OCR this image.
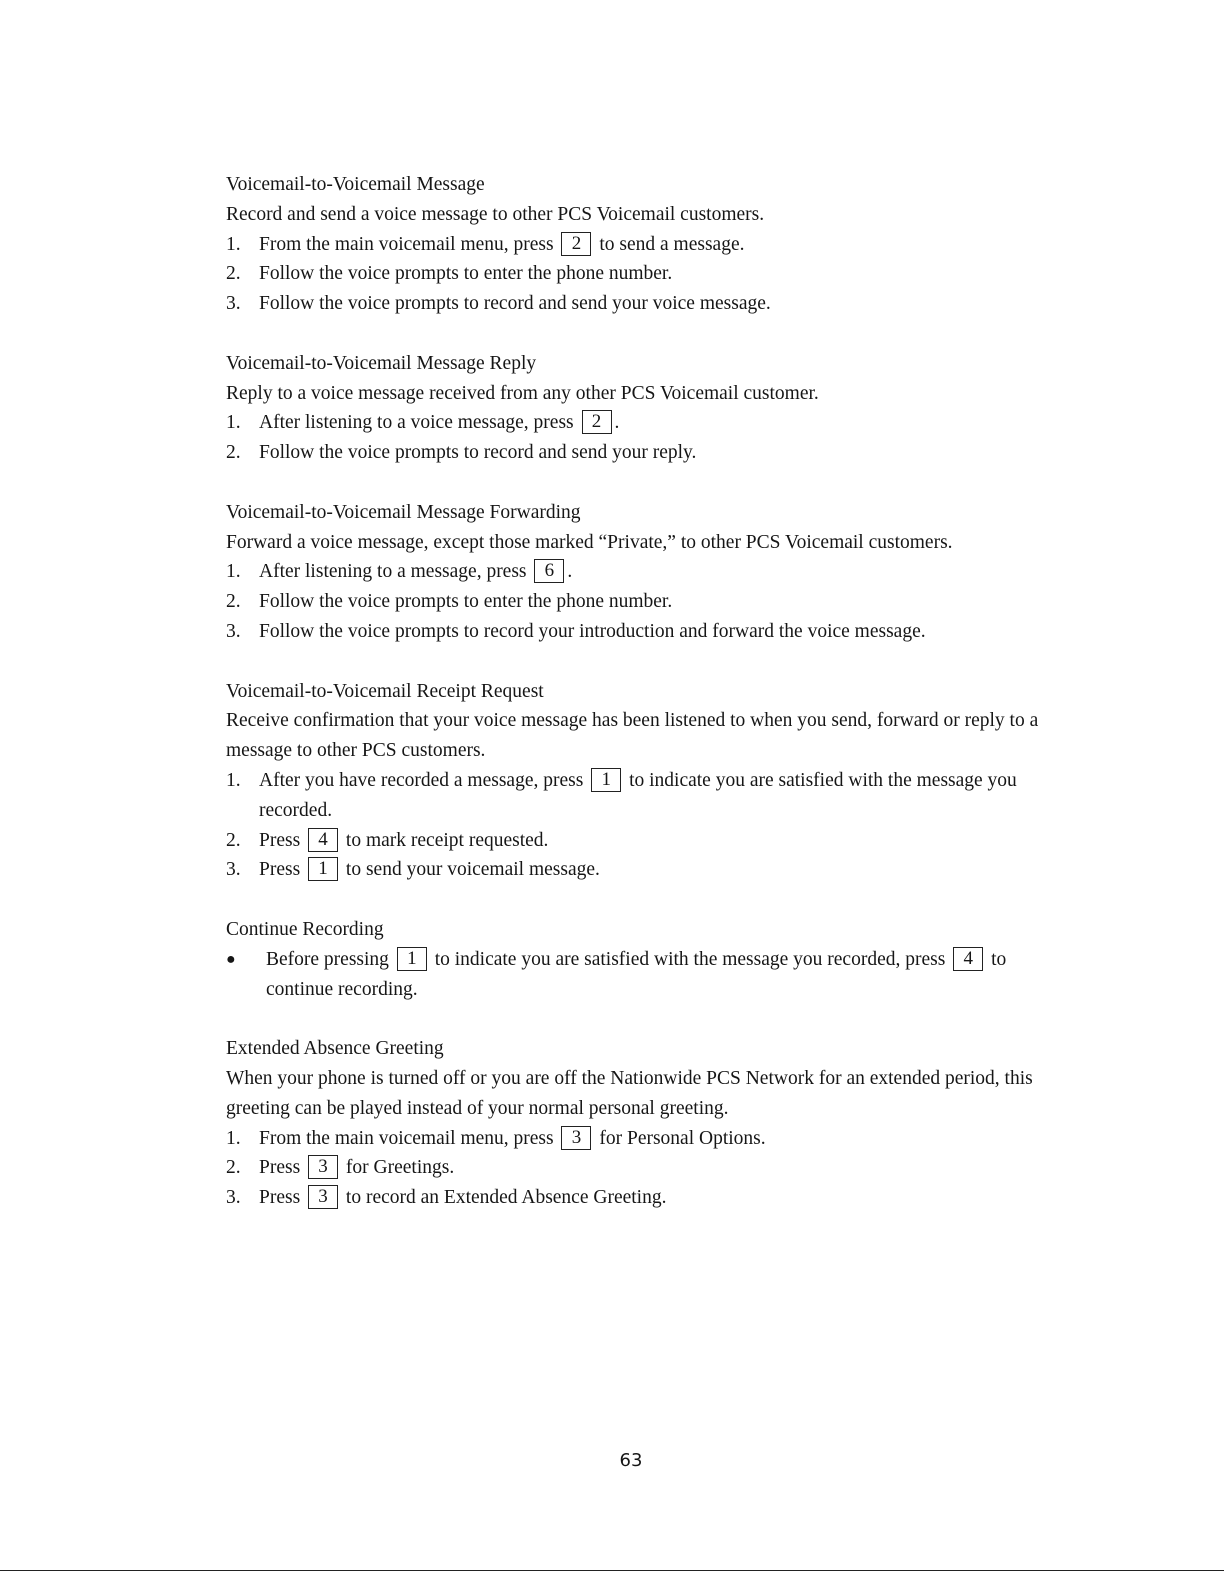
Voicemail-to-Voicemail Message

Record and send a voice message to other PCS Voicemail customers.

1. From the main voicemail menu, press 2 to send a message.
2. Follow the voice prompts to enter the phone number.
3. Follow the voice prompts to record and send your voice message.
Voicemail-to-Voicemail Message Reply

Reply to a voice message received from any other PCS Voicemail customer.

1. After listening to a voice message, press 2 .
2. Follow the voice prompts to record and send your reply.
Voicemail-to-Voicemail Message Forwarding

Forward a voice message, except those marked “Private,” to other PCS Voicemail customers.

1. After listening to a message, press 6 .
2. Follow the voice prompts to enter the phone number.
3. Follow the voice prompts to record your introduction and forward the voice message.
Voicemail-to-Voicemail Receipt Request

Receive confirmation that your voice message has been listened to when you send, forward or reply to a message to other PCS customers.

1. After you have recorded a message, press 1 to indicate you are satisfied with the message you recorded.
2. Press 4 to mark receipt requested.
3. Press 1 to send your voicemail message.
Continue Recording
●	Before pressing 1 to indicate you are satisfied with the message you recorded, press 4 to continue recording.
Extended Absence Greeting

When your phone is turned off or you are off the Nationwide PCS Network for an extended period, this greeting can be played instead of your normal personal greeting.

1. From the main voicemail menu, press 3 for Personal Options.
2. Press 3 for Greetings.
3. Press 3 to record an Extended Absence Greeting.
63
